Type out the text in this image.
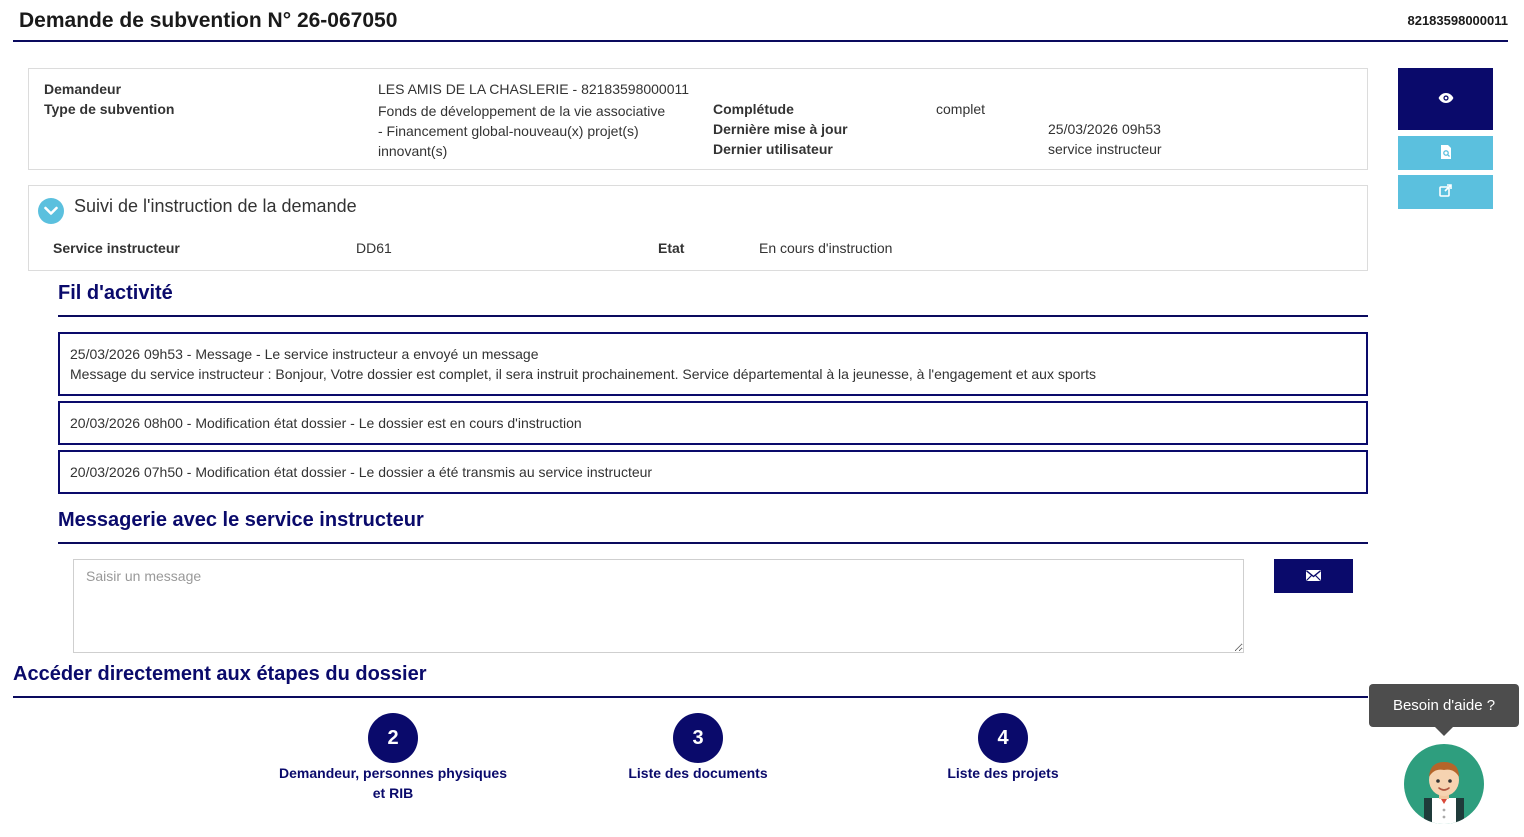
Demande de subvention N° 26-067050	82183598000011
Demandeur	LES AMIS DE LA CHASLERIE - 82183598000011
Type de subvention	Fonds de développement de la vie associative
- Financement global-nouveau(x) projet(s)
innovant(s)
Complétude	complet
Dernière mise à jour	25/03/2026 09h53
Dernier utilisateur	service instructeur
Suivi de l'instruction de la demande
Service instructeur	DD61	Etat	En cours d'instruction
Fil d'activité
25/03/2026 09h53 - Message - Le service instructeur a envoyé un message
Message du service instructeur : Bonjour, Votre dossier est complet, il sera instruit prochainement. Service départemental à la jeunesse, à l'engagement et aux sports
20/03/2026 08h00 - Modification état dossier - Le dossier est en cours d'instruction
20/03/2026 07h50 - Modification état dossier - Le dossier a été transmis au service instructeur
Messagerie avec le service instructeur
Saisir un message
Accéder directement aux étapes du dossier
2
Demandeur, personnes physiques
et RIB
3
Liste des documents
4
Liste des projets
Besoin d'aide ?
